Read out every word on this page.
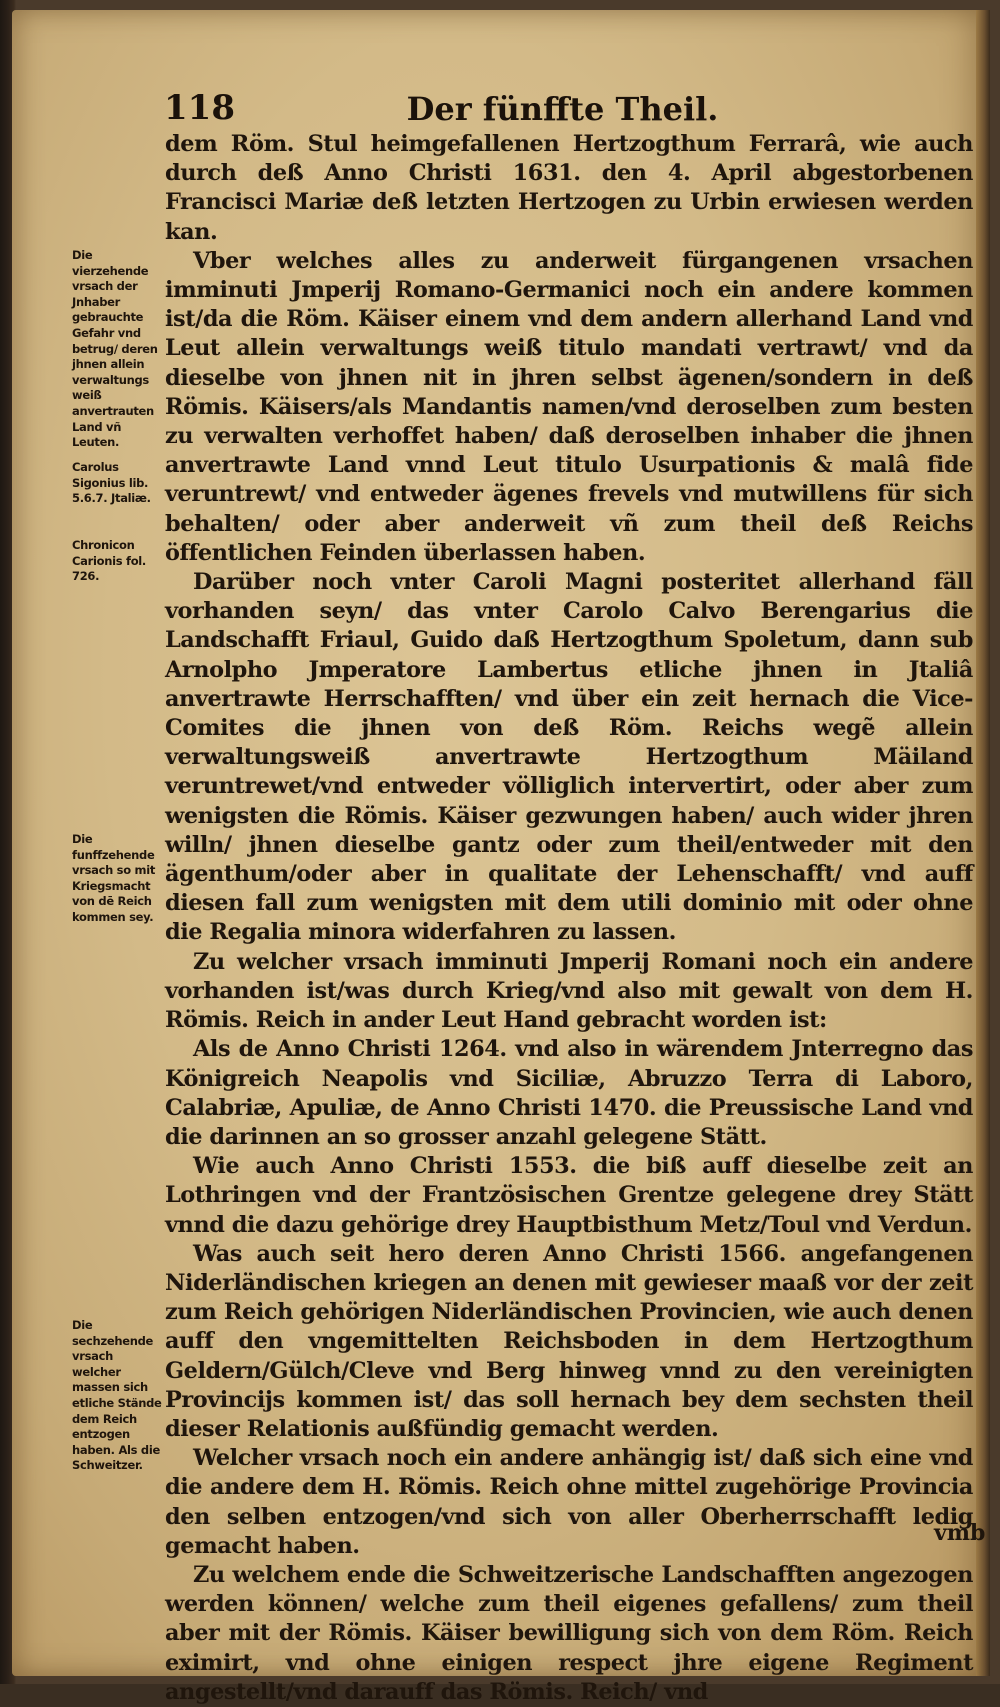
118	Der fünffte Theil.

dem Röm. Stul heimgefallenen Hertzogthum Ferrarâ, wie auch durch deß Anno Christi 1631. den 4. April abgestorbenen Francisci Mariæ deß letzten Hertzogen zu Urbin erwiesen werden kan.

Vber welches alles zu anderweit fürgangenen vrsachen imminuti Jmperij Romano-Germanici noch ein andere kommen ist/da die Röm. Käiser einem vnd dem andern allerhand Land vnd Leut allein verwaltungs weiß titulo mandati vertrawt/ vnd da dieselbe von jhnen nit in jhren selbst ägenen/sondern in deß Römis. Käisers/als Mandantis namen/vnd deroselben zum besten zu verwalten verhoffet haben/ daß deroselben inhaber die jhnen anvertrawte Land vnnd Leut titulo Usurpationis & malâ fide veruntrewt/ vnd entweder ägenes frevels vnd mutwillens für sich behalten/ oder aber anderweit vñ zum theil deß Reichs öffentlichen Feinden überlassen haben.

Darüber noch vnter Caroli Magni posteritet allerhand fäll vorhanden seyn/ das vnter Carolo Calvo Berengarius die Landschafft Friaul, Guido daß Hertzogthum Spoletum, dann sub Arnolpho Jmperatore Lambertus etliche jhnen in Jtaliâ anvertrawte Herrschafften/ vnd über ein zeit hernach die Vice-Comites die jhnen von deß Röm. Reichs wegẽ allein verwaltungsweiß anvertrawte Hertzogthum Mäiland veruntrewet/vnd entweder völliglich intervertirt, oder aber zum wenigsten die Römis. Käiser gezwungen haben/ auch wider jhren willn/ jhnen dieselbe gantz oder zum theil/entweder mit den ägenthum/oder aber in qualitate der Lehenschafft/ vnd auff diesen fall zum wenigsten mit dem utili dominio mit oder ohne die Regalia minora widerfahren zu lassen.

Zu welcher vrsach imminuti Jmperij Romani noch ein andere vorhanden ist/was durch Krieg/vnd also mit gewalt von dem H. Römis. Reich in ander Leut Hand gebracht worden ist:

Als de Anno Christi 1264. vnd also in wärendem Jnterregno das Königreich Neapolis vnd Siciliæ, Abruzzo Terra di Laboro, Calabriæ, Apuliæ, de Anno Christi 1470. die Preussische Land vnd die darinnen an so grosser anzahl gelegene Stätt.

Wie auch Anno Christi 1553. die biß auff dieselbe zeit an Lothringen vnd der Frantzösischen Grentze gelegene drey Stätt vnnd die dazu gehörige drey Hauptbisthum Metz/Toul vnd Verdun.

Was auch seit hero deren Anno Christi 1566. angefangenen Niderländischen kriegen an denen mit gewieser maaß vor der zeit zum Reich gehörigen Niderländischen Provincien, wie auch denen auff den vngemittelten Reichsboden in dem Hertzogthum Geldern/Gülch/Cleve vnd Berg hinweg vnnd zu den vereinigten Provincijs kommen ist/ das soll hernach bey dem sechsten theil dieser Relationis außfündig gemacht werden.

Welcher vrsach noch ein andere anhängig ist/ daß sich eine vnd die andere dem H. Römis. Reich ohne mittel zugehörige Provincia den selben entzogen/vnd sich von aller Oberherrschafft ledig gemacht haben.

Zu welchem ende die Schweitzerische Landschafften angezogen werden können/ welche zum theil eigenes gefallens/ zum theil aber mit der Römis. Käiser bewilligung sich von dem Röm. Reich eximirt, vnd ohne einigen respect jhre eigene Regiment angestellt/vnd darauff das Römis. Reich/ vnd

Die vierzehende vrsach der Jnhaber gebrauchte Gefahr vnd betrug/ deren jhnen allein verwaltungs weiß anvertrauten Land vñ Leuten.
Carolus Sigonius lib. 5.6.7. Jtaliæ.
Chronicon Carionis fol. 726.
Die funffzehende vrsach so mit Kriegsmacht von dē Reich kommen sey.
Die sechzehende vrsach welcher massen sich etliche Stände dem Reich entzogen haben. Als die Schweitzer.
vmb
